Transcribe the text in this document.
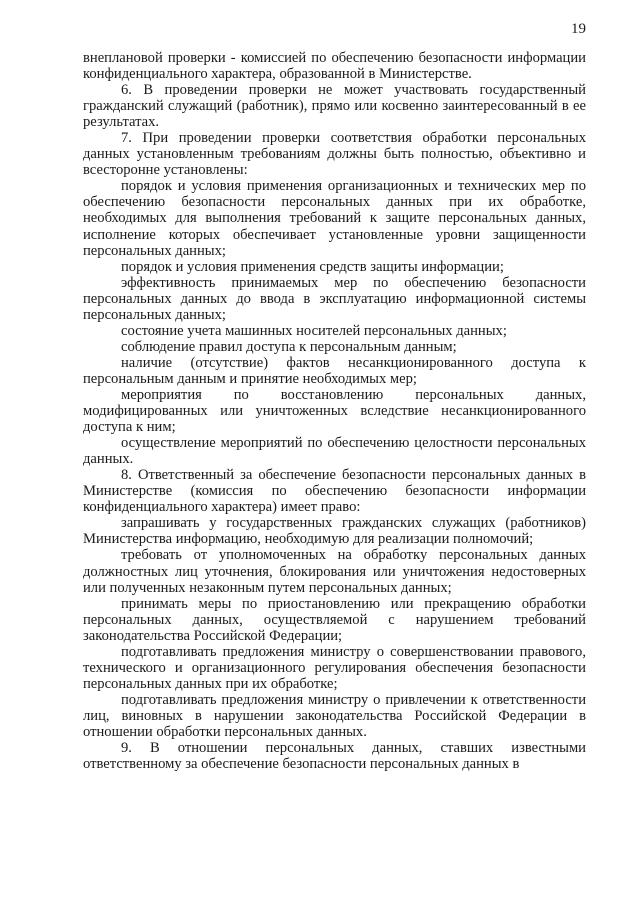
19

внеплановой проверки - комиссией по обеспечению безопасности информации конфиденциального характера, образованной в Министерстве.

6. В проведении проверки не может участвовать государственный гражданский служащий (работник), прямо или косвенно заинтересованный в ее результатах.

7. При проведении проверки соответствия обработки персональных данных установленным требованиям должны быть полностью, объективно и всесторонне установлены:

порядок и условия применения организационных и технических мер по обеспечению безопасности персональных данных при их обработке, необходимых для выполнения требований к защите персональных данных, исполнение которых обеспечивает установленные уровни защищенности персональных данных;

порядок и условия применения средств защиты информации;

эффективность принимаемых мер по обеспечению безопасности персональных данных до ввода в эксплуатацию информационной системы персональных данных;

состояние учета машинных носителей персональных данных;

соблюдение правил доступа к персональным данным;

наличие (отсутствие) фактов несанкционированного доступа к персональным данным и принятие необходимых мер;

мероприятия по восстановлению персональных данных, модифицированных или уничтоженных вследствие несанкционированного доступа к ним;

осуществление мероприятий по обеспечению целостности персональных данных.

8. Ответственный за обеспечение безопасности персональных данных в Министерстве (комиссия по обеспечению безопасности информации конфиденциального характера) имеет право:

запрашивать у государственных гражданских служащих (работников) Министерства информацию, необходимую для реализации полномочий;

требовать от уполномоченных на обработку персональных данных должностных лиц уточнения, блокирования или уничтожения недостоверных или полученных незаконным путем персональных данных;

принимать меры по приостановлению или прекращению обработки персональных данных, осуществляемой с нарушением требований законодательства Российской Федерации;

подготавливать предложения министру о совершенствовании правового, технического и организационного регулирования обеспечения безопасности персональных данных при их обработке;

подготавливать предложения министру о привлечении к ответственности лиц, виновных в нарушении законодательства Российской Федерации в отношении обработки персональных данных.

9. В отношении персональных данных, ставших известными ответственному за обеспечение безопасности персональных данных в
